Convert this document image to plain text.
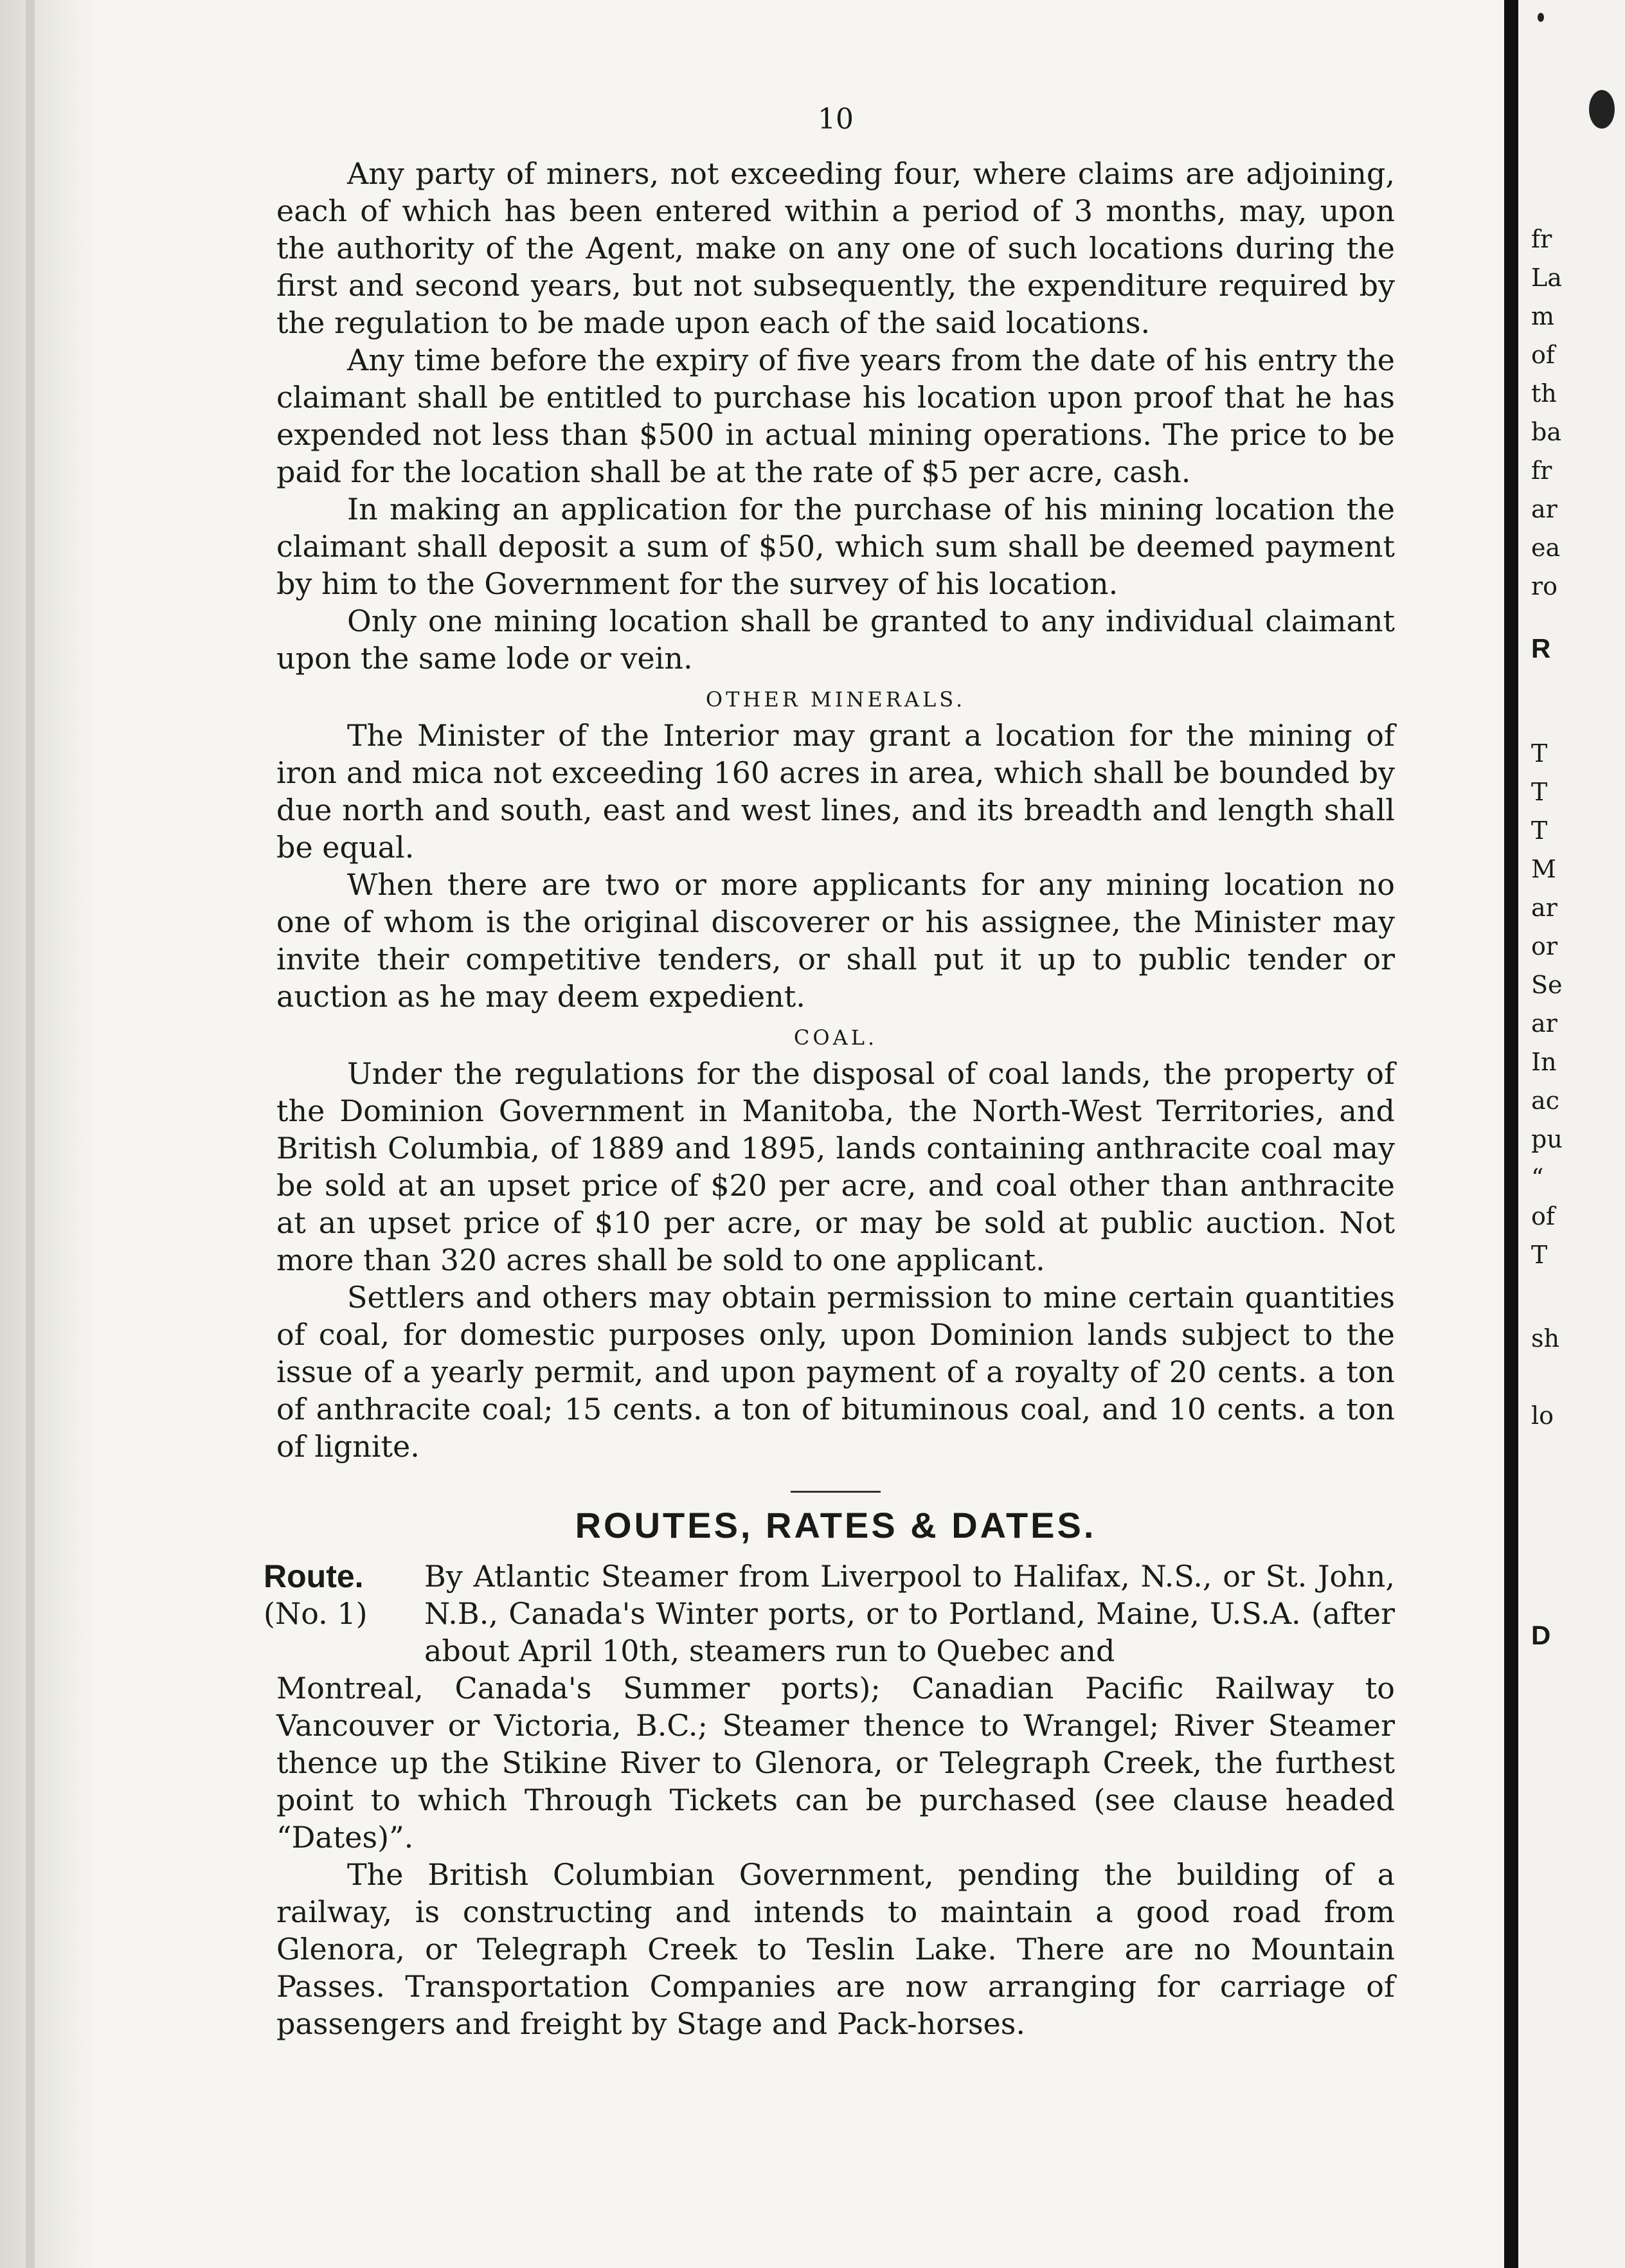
10

Any party of miners, not exceeding four, where claims are adjoining, each of which has been entered within a period of 3 months, may, upon the authority of the Agent, make on any one of such locations during the first and second years, but not subsequently, the expenditure required by the regulation to be made upon each of the said locations.

Any time before the expiry of five years from the date of his entry the claimant shall be entitled to purchase his location upon proof that he has expended not less than $500 in actual mining operations. The price to be paid for the location shall be at the rate of $5 per acre, cash.

In making an application for the purchase of his mining location the claimant shall deposit a sum of $50, which sum shall be deemed payment by him to the Government for the survey of his location.

Only one mining location shall be granted to any individual claimant upon the same lode or vein.

OTHER MINERALS.

The Minister of the Interior may grant a location for the mining of iron and mica not exceeding 160 acres in area, which shall be bounded by due north and south, east and west lines, and its breadth and length shall be equal.

When there are two or more applicants for any mining location no one of whom is the original discoverer or his assignee, the Minister may invite their competitive tenders, or shall put it up to public tender or auction as he may deem expedient.

COAL.

Under the regulations for the disposal of coal lands, the property of the Dominion Government in Manitoba, the North-West Territories, and British Columbia, of 1889 and 1895, lands containing anthracite coal may be sold at an upset price of $20 per acre, and coal other than anthracite at an upset price of $10 per acre, or may be sold at public auction. Not more than 320 acres shall be sold to one applicant.

Settlers and others may obtain permission to mine certain quantities of coal, for domestic purposes only, upon Dominion lands subject to the issue of a yearly permit, and upon payment of a royalty of 20 cents. a ton of anthracite coal; 15 cents. a ton of bituminous coal, and 10 cents. a ton of lignite.

ROUTES, RATES & DATES.
Route.
(No. 1)

By Atlantic Steamer from Liverpool to Halifax, N.S., or St. John, N.B., Canada's Winter ports, or to Portland, Maine, U.S.A. (after about April 10th, steamers run to Quebec and

Montreal, Canada's Summer ports); Canadian Pacific Railway to Vancouver or Victoria, B.C.; Steamer thence to Wrangel; River Steamer thence up the Stikine River to Glenora, or Telegraph Creek, the furthest point to which Through Tickets can be purchased (see clause headed “Dates)”.

The British Columbian Government, pending the building of a railway, is constructing and intends to maintain a good road from Glenora, or Telegraph Creek to Teslin Lake. There are no Mountain Passes. Transportation Companies are now arranging for carriage of passengers and freight by Stage and Pack-horses.

fr
La
m
of
th
ba
fr
ar
ea
ro
R
T
T
T
M
ar
or
Se
ar
In
ac
pu
“
of
T
sh
lo
D
